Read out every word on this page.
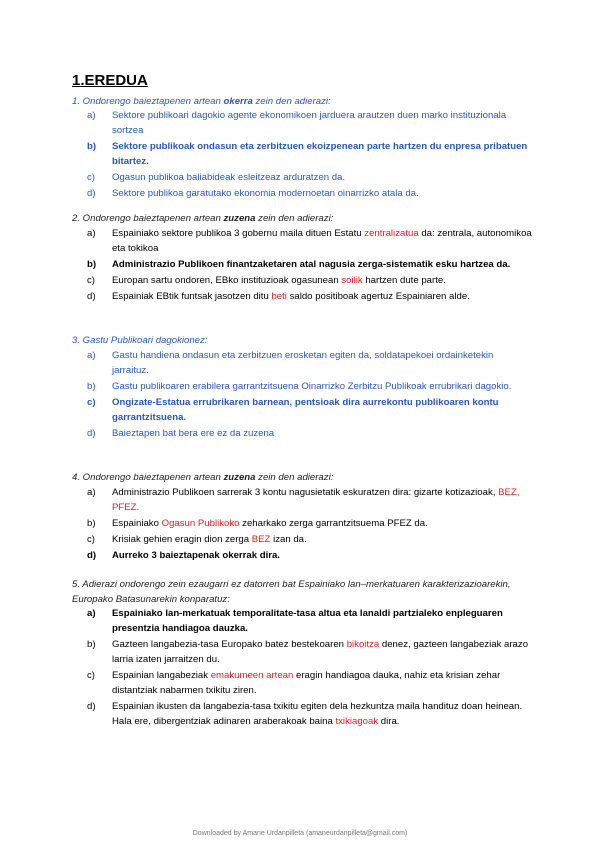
1.EREDUA

1. Ondorengo baieztapenen artean okerra zein den adierazi:

a) Sektore publikoari dagokio agente ekonomikoen jarduera arautzen duen marko instituzionala sortzea
b) Sektore publikoak ondasun eta zerbitzuen ekoizpenean parte hartzen du enpresa pribatuen bitartez.
c) Ogasun publikoa baliabideak esleitzeaz arduratzen da.
d) Sektore publikoa garatutako ekonomia modernoetan oinarrizko atala da.

2. Ondorengo baieztapenen artean zuzena zein den adierazi:

a) Espainiako sektore publikoa 3 gobernu maila dituen Estatu zentralizatua da: zentrala, autonomikoa eta tokikoa
b) Administrazio Publikoen finantzaketaren atal nagusia zerga-sistematik esku hartzea da.
c) Europan sartu ondoren, EBko instituzioak ogasunean soilik hartzen dute parte.
d) Espainiak EBtik funtsak jasotzen ditu beti saldo positiboak agertuz Espainiaren alde.

3. Gastu Publikoari dagokionez:

a) Gastu handiena ondasun eta zerbitzuen erosketan egiten da, soldatapekoei ordainketekin jarraituz.
b) Gastu publikoaren erabilera garrantzitsuena Oinarrizko Zerbitzu Publikoak errubrikari dagokio.
c) Ongizate-Estatua errubrikaren barnean, pentsioak dira aurrekontu publikoaren kontu garrantzitsuena.
d) Baieztapen bat bera ere ez da zuzena

4. Ondorengo baieztapenen artean zuzena zein den adierazi:

a) Administrazio Publikoen sarrerak 3 kontu nagusietatik eskuratzen dira: gizarte kotizazioak, BEZ, PFEZ.
b) Espainiako Ogasun Publikoko zeharkako zerga garrantzitsuema PFEZ da.
c) Krisiak gehien eragin dion zerga BEZ izan da.
d) Aurreko 3 baieztapenak okerrak dira.

5. Adierazi ondorengo zein ezaugarri ez datorren bat Espainiako lan–merkatuaren karakterizazioarekin, Europako Batasunarekin konparatuz:

a) Espainiako lan-merkatuak temporalitate-tasa altua eta lanaldi partzialeko enpleguaren presentzia handiagoa dauzka.
b) Gazteen langabezia-tasa Europako batez bestekoaren bikoitza denez, gazteen langabeziak arazo larria izaten jarraitzen du.
c) Espainian langabeziak emakumeen artean eragin handiagoa dauka, nahiz eta krisian zehar distantziak nabarmen txikitu ziren.
d) Espainian ikusten da langabezia-tasa txikitu egiten dela hezkuntza maila handituz doan heinean. Hala ere, dibergentziak adinaren araberakoak baina txikiagoak dira.
Downloaded by Amane Urdanpilleta (amaneurdanpilleta@gmail.com)
